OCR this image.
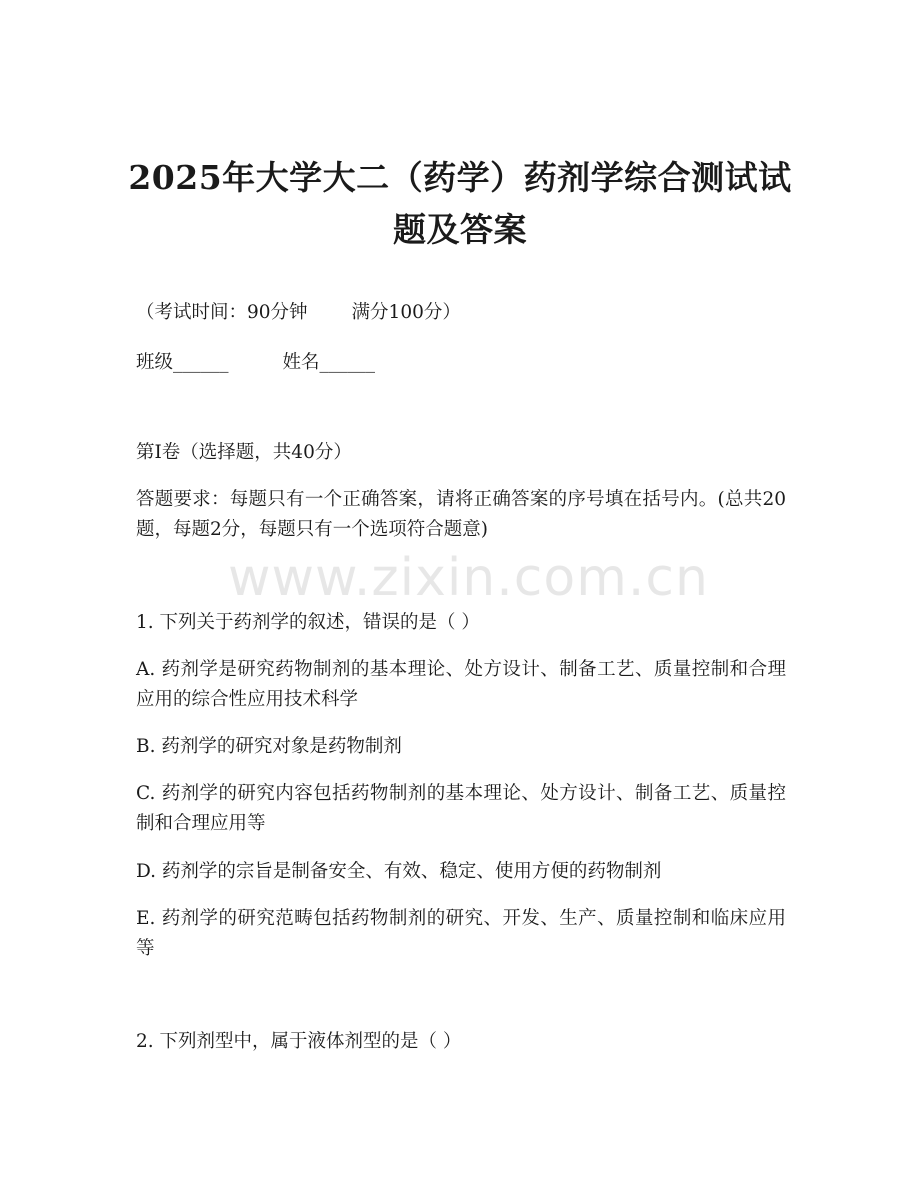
2025年大学大二（药学）药剂学综合测试试
题及答案
（考试时间：90分钟 满分100分）
班级______	姓名______
第I卷（选择题，共40分）
答题要求：每题只有一个正确答案，请将正确答案的序号填在括号内。(总共20题，每题2分，每题只有一个选项符合题意)
www.zixin.com.cn
1. 下列关于药剂学的叙述，错误的是（ ）
A. 药剂学是研究药物制剂的基本理论、处方设计、制备工艺、质量控制和合理应用的综合性应用技术科学
B. 药剂学的研究对象是药物制剂
C. 药剂学的研究内容包括药物制剂的基本理论、处方设计、制备工艺、质量控制和合理应用等
D. 药剂学的宗旨是制备安全、有效、稳定、使用方便的药物制剂
E. 药剂学的研究范畴包括药物制剂的研究、开发、生产、质量控制和临床应用等
2. 下列剂型中，属于液体剂型的是（ ）
